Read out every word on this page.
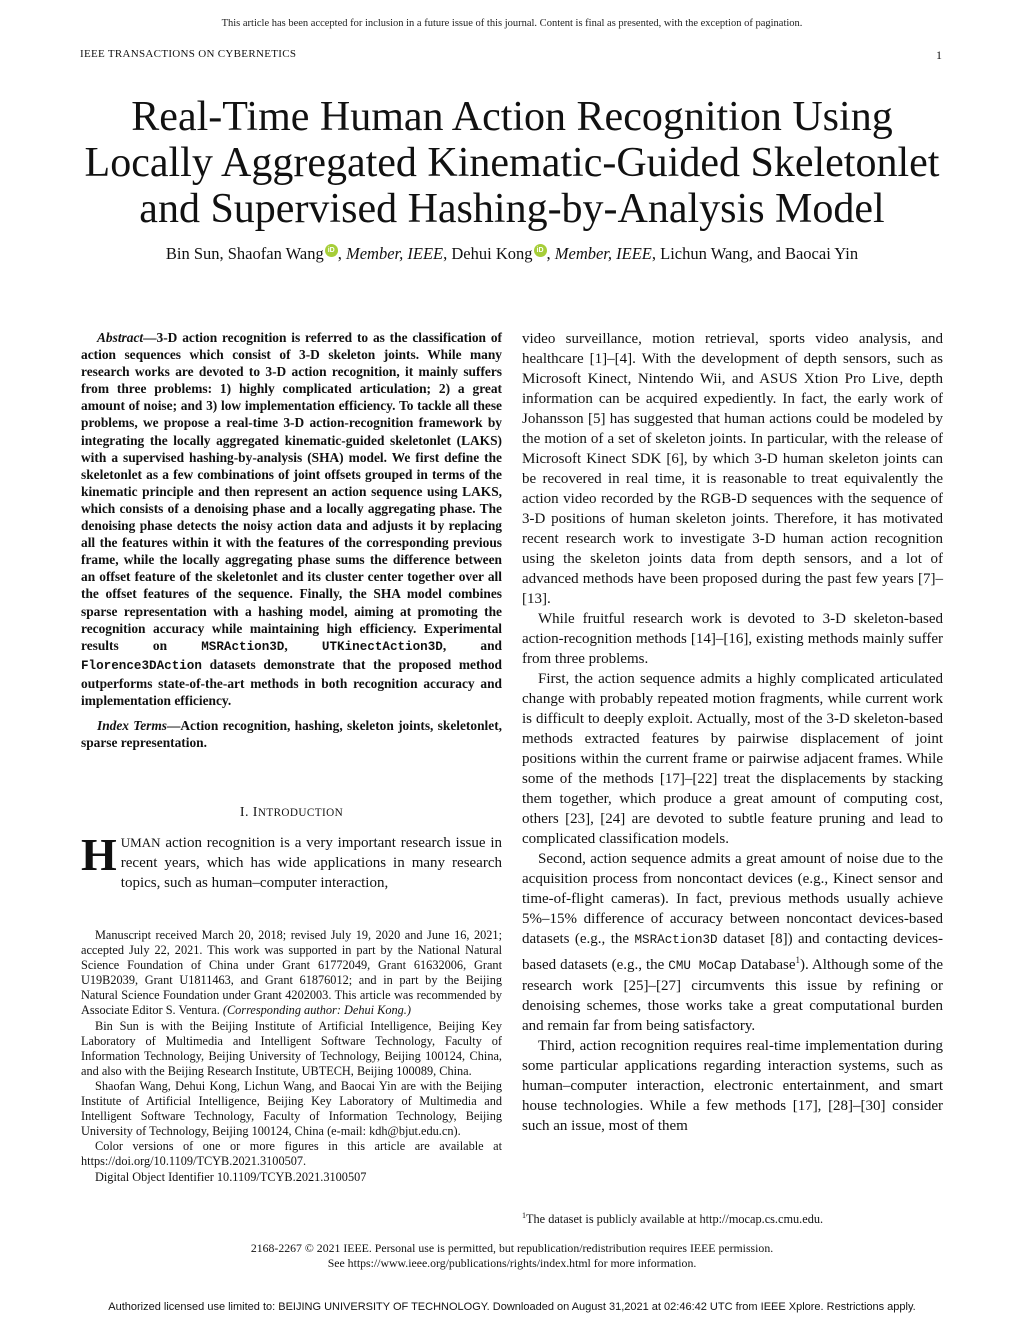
This article has been accepted for inclusion in a future issue of this journal. Content is final as presented, with the exception of pagination.
IEEE TRANSACTIONS ON CYBERNETICS	1
Real-Time Human Action Recognition Using
Locally Aggregated Kinematic-Guided Skeletonlet
and Supervised Hashing-by-Analysis Model
Bin Sun, Shaofan Wang iD , Member, IEEE, Dehui Kong iD , Member, IEEE, Lichun Wang, and Baocai Yin

Abstract—3-D action recognition is referred to as the classification of action sequences which consist of 3-D skeleton joints. While many research works are devoted to 3-D action recognition, it mainly suffers from three problems: 1) highly complicated articulation; 2) a great amount of noise; and 3) low implementation efficiency. To tackle all these problems, we propose a real-time 3-D action-recognition framework by integrating the locally aggregated kinematic-guided skeletonlet (LAKS) with a supervised hashing-by-analysis (SHA) model. We first define the skeletonlet as a few combinations of joint offsets grouped in terms of the kinematic principle and then represent an action sequence using LAKS, which consists of a denoising phase and a locally aggregating phase. The denoising phase detects the noisy action data and adjusts it by replacing all the features within it with the features of the corresponding previous frame, while the locally aggregating phase sums the difference between an offset feature of the skeletonlet and its cluster center together over all the offset features of the sequence. Finally, the SHA model combines sparse representation with a hashing model, aiming at promoting the recognition accuracy while maintaining high efficiency. Experimental results on MSRAction3D, UTKinectAction3D, and Florence3DAction datasets demonstrate that the proposed method outperforms state-of-the-art methods in both recognition accuracy and implementation efficiency.

Index Terms—Action recognition, hashing, skeleton joints, skeletonlet, sparse representation.

I. INTRODUCTION
HUMAN action recognition is a very important research issue in recent years, which has wide applications in many research topics, such as human–computer interaction,

Manuscript received March 20, 2018; revised July 19, 2020 and June 16, 2021; accepted July 22, 2021. This work was supported in part by the National Natural Science Foundation of China under Grant 61772049, Grant 61632006, Grant U19B2039, Grant U1811463, and Grant 61876012; and in part by the Beijing Natural Science Foundation under Grant 4202003. This article was recommended by Associate Editor S. Ventura. (Corresponding author: Dehui Kong.)

Bin Sun is with the Beijing Institute of Artificial Intelligence, Beijing Key Laboratory of Multimedia and Intelligent Software Technology, Faculty of Information Technology, Beijing University of Technology, Beijing 100124, China, and also with the Beijing Research Institute, UBTECH, Beijing 100089, China.

Shaofan Wang, Dehui Kong, Lichun Wang, and Baocai Yin are with the Beijing Institute of Artificial Intelligence, Beijing Key Laboratory of Multimedia and Intelligent Software Technology, Faculty of Information Technology, Beijing University of Technology, Beijing 100124, China (e-mail: kdh@bjut.edu.cn).

Color versions of one or more figures in this article are available at https://doi.org/10.1109/TCYB.2021.3100507.

Digital Object Identifier 10.1109/TCYB.2021.3100507

video surveillance, motion retrieval, sports video analysis, and healthcare [1]–[4]. With the development of depth sensors, such as Microsoft Kinect, Nintendo Wii, and ASUS Xtion Pro Live, depth information can be acquired expediently. In fact, the early work of Johansson [5] has suggested that human actions could be modeled by the motion of a set of skeleton joints. In particular, with the release of Microsoft Kinect SDK [6], by which 3-D human skeleton joints can be recovered in real time, it is reasonable to treat equivalently the action video recorded by the RGB-D sequences with the sequence of 3-D positions of human skeleton joints. Therefore, it has motivated recent research work to investigate 3-D human action recognition using the skeleton joints data from depth sensors, and a lot of advanced methods have been proposed during the past few years [7]–[13].

While fruitful research work is devoted to 3-D skeleton-based action-recognition methods [14]–[16], existing methods mainly suffer from three problems.

First, the action sequence admits a highly complicated articulated change with probably repeated motion fragments, while current work is difficult to deeply exploit. Actually, most of the 3-D skeleton-based methods extracted features by pairwise displacement of joint positions within the current frame or pairwise adjacent frames. While some of the methods [17]–[22] treat the displacements by stacking them together, which produce a great amount of computing cost, others [23], [24] are devoted to subtle feature pruning and lead to complicated classification models.

Second, action sequence admits a great amount of noise due to the acquisition process from noncontact devices (e.g., Kinect sensor and time-of-flight cameras). In fact, previous methods usually achieve 5%–15% difference of accuracy between noncontact devices-based datasets (e.g., the MSRAction3D dataset [8]) and contacting devices-based datasets (e.g., the CMU MoCap Database$^1$). Although some of the research work [25]–[27] circumvents this issue by refining or denoising schemes, those works take a great computational burden and remain far from being satisfactory.

Third, action recognition requires real-time implementation during some particular applications regarding interaction systems, such as human–computer interaction, electronic entertainment, and smart house technologies. While a few methods [17], [28]–[30] consider such an issue, most of them

$^1$The dataset is publicly available at http://mocap.cs.cmu.edu.
2168-2267 © 2021 IEEE. Personal use is permitted, but republication/redistribution requires IEEE permission.
See https://www.ieee.org/publications/rights/index.html for more information.
Authorized licensed use limited to: BEIJING UNIVERSITY OF TECHNOLOGY. Downloaded on August 31,2021 at 02:46:42 UTC from IEEE Xplore. Restrictions apply.
